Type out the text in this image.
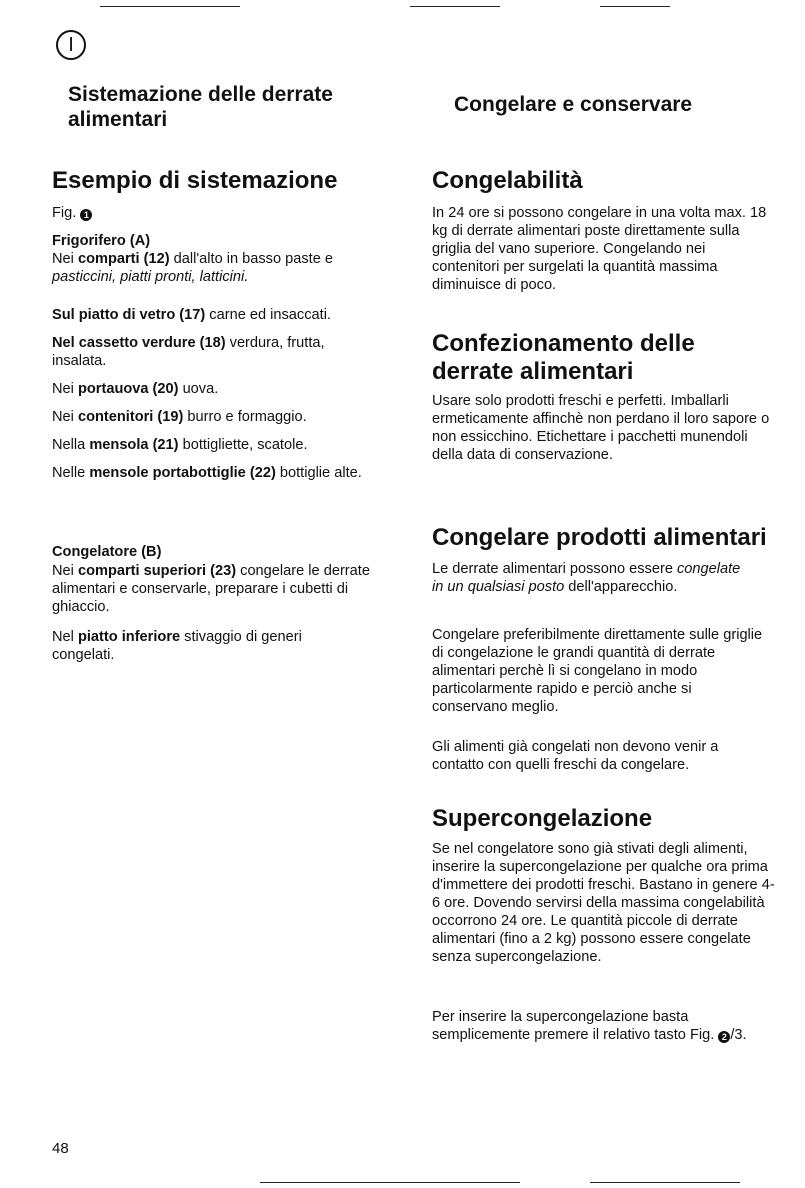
I
Sistemazione delle derrate alimentari
Esempio di sistemazione

Fig. 1

Frigorifero (A)

Nei comparti (12) dall'alto in basso paste e pasticcini, piatti pronti, latticini.

Sul piatto di vetro (17) carne ed insaccati.

Nel cassetto verdure (18) verdura, frutta, insalata.

Nei portauova (20) uova.

Nei contenitori (19) burro e formaggio.

Nella mensola (21) bottigliette, scatole.

Nelle mensole portabottiglie (22) bottiglie alte.

Congelatore (B)

Nei comparti superiori (23) congelare le derrate alimentari e conservarle, preparare i cubetti di ghiaccio.

Nel piatto inferiore stivaggio di generi congelati.

Congelare e conservare
Congelabilità

In 24 ore si possono congelare in una volta max. 18 kg di derrate alimentari poste direttamente sulla griglia del vano superiore. Congelando nei contenitori per surgelati la quantità massima diminuisce di poco.

Confezionamento delle derrate alimentari

Usare solo prodotti freschi e perfetti. Imballarli ermeticamente affinchè non perdano il loro sapore o non essicchino. Etichettare i pacchetti munendoli della data di conservazione.

Congelare prodotti alimentari

Le derrate alimentari possono essere congelate in un qualsiasi posto dell'apparecchio.

Congelare preferibilmente direttamente sulle griglie di congelazione le grandi quantità di derrate alimentari perchè lì si congelano in modo particolarmente rapido e perciò anche si conservano meglio.

Gli alimenti già congelati non devono venir a contatto con quelli freschi da congelare.

Supercongelazione

Se nel congelatore sono già stivati degli alimenti, inserire la supercongelazione per qualche ora prima d'immettere dei prodotti freschi. Bastano in genere 4-6 ore. Dovendo servirsi della massima congelabilità occorrono 24 ore. Le quantità piccole di derrate alimentari (fino a 2 kg) possono essere congelate senza supercongelazione.

Per inserire la supercongelazione basta semplicemente premere il relativo tasto Fig. 2 /3.

48
